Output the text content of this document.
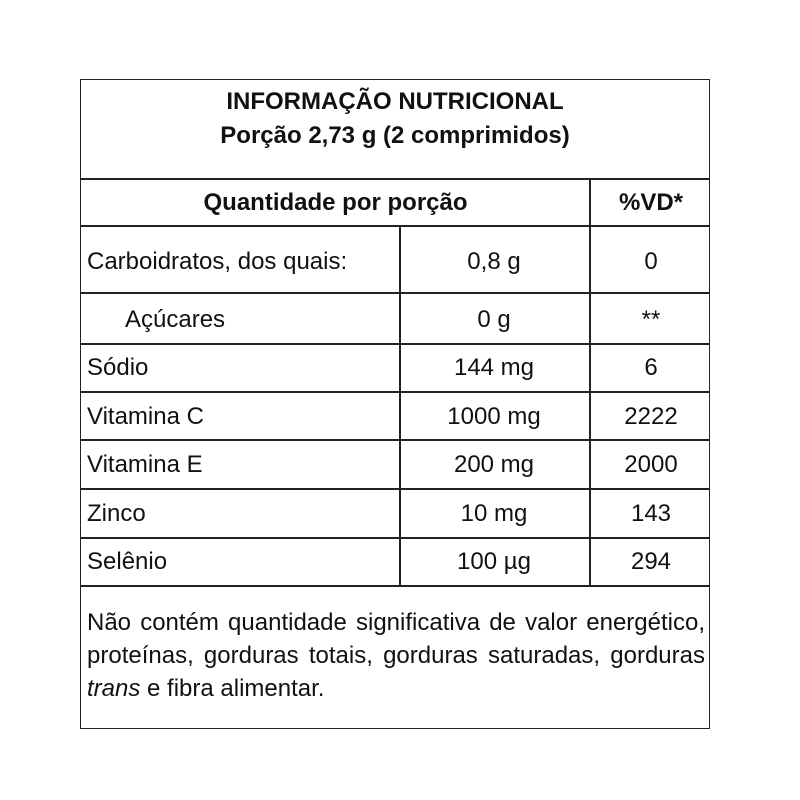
INFORMAÇÃO NUTRICIONAL
Porção 2,73 g (2 comprimidos)
Quantidade por porção	%VD*
Carboidratos, dos quais:	0,8 g	0
Açúcares	0 g	**
Sódio	144 mg	6
Vitamina C	1000 mg	2222
Vitamina E	200 mg	2000
Zinco	10 mg	143
Selênio	100 µg	294
Não contém quantidade significativa de valor energético, proteínas, gorduras totais, gorduras saturadas, gorduras trans e fibra alimentar.
